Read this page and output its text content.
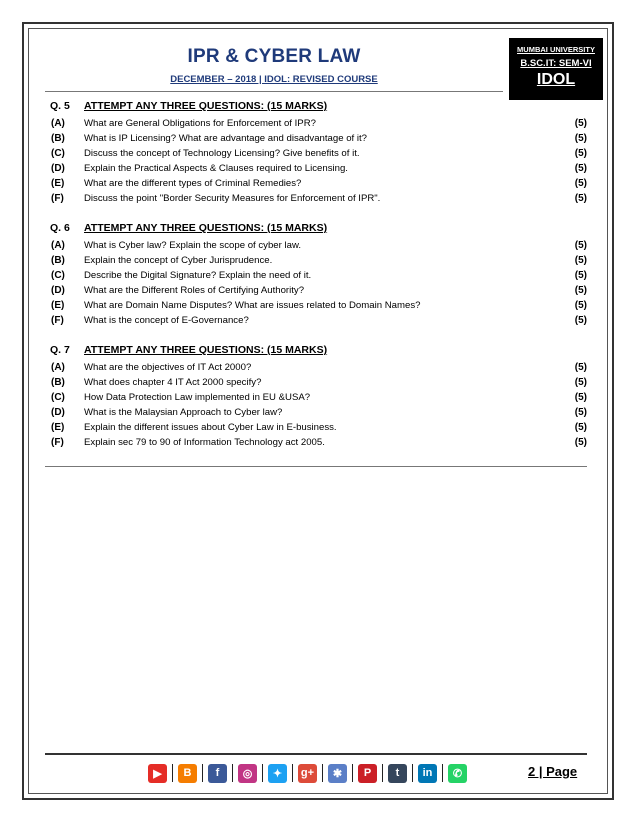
IPR & CYBER LAW
DECEMBER – 2018 | IDOL: REVISED COURSE
MUMBAI UNIVERSITY
B.SC.IT: SEM-VI
IDOL
Q. 5 ATTEMPT ANY THREE QUESTIONS: (15 MARKS)
(A) What are General Obligations for Enforcement of IPR?	(5)
(B) What is IP Licensing? What are advantage and disadvantage of it?	(5)
(C) Discuss the concept of Technology Licensing? Give benefits of it.	(5)
(D) Explain the Practical Aspects & Clauses required to Licensing.	(5)
(E) What are the different types of Criminal Remedies?	(5)
(F) Discuss the point "Border Security Measures for Enforcement of IPR".	(5)
Q. 6 ATTEMPT ANY THREE QUESTIONS: (15 MARKS)
(A) What is Cyber law? Explain the scope of cyber law.	(5)
(B) Explain the concept of Cyber Jurisprudence.	(5)
(C) Describe the Digital Signature? Explain the need of it.	(5)
(D) What are the Different Roles of Certifying Authority?	(5)
(E) What are Domain Name Disputes? What are issues related to Domain Names?	(5)
(F) What is the concept of E-Governance?	(5)
Q. 7 ATTEMPT ANY THREE QUESTIONS: (15 MARKS)
(A) What are the objectives of IT Act 2000?	(5)
(B) What does chapter 4 IT Act 2000 specify?	(5)
(C) How Data Protection Law implemented in EU &USA?	(5)
(D) What is the Malaysian Approach to Cyber law?	(5)
(E) Explain the different issues about Cyber Law in E-business.	(5)
(F) Explain sec 79 to 90 of Information Technology act 2005.	(5)
▶	B	f	◎	✦	g+	✱	P	t	in	✆	2 | Page
